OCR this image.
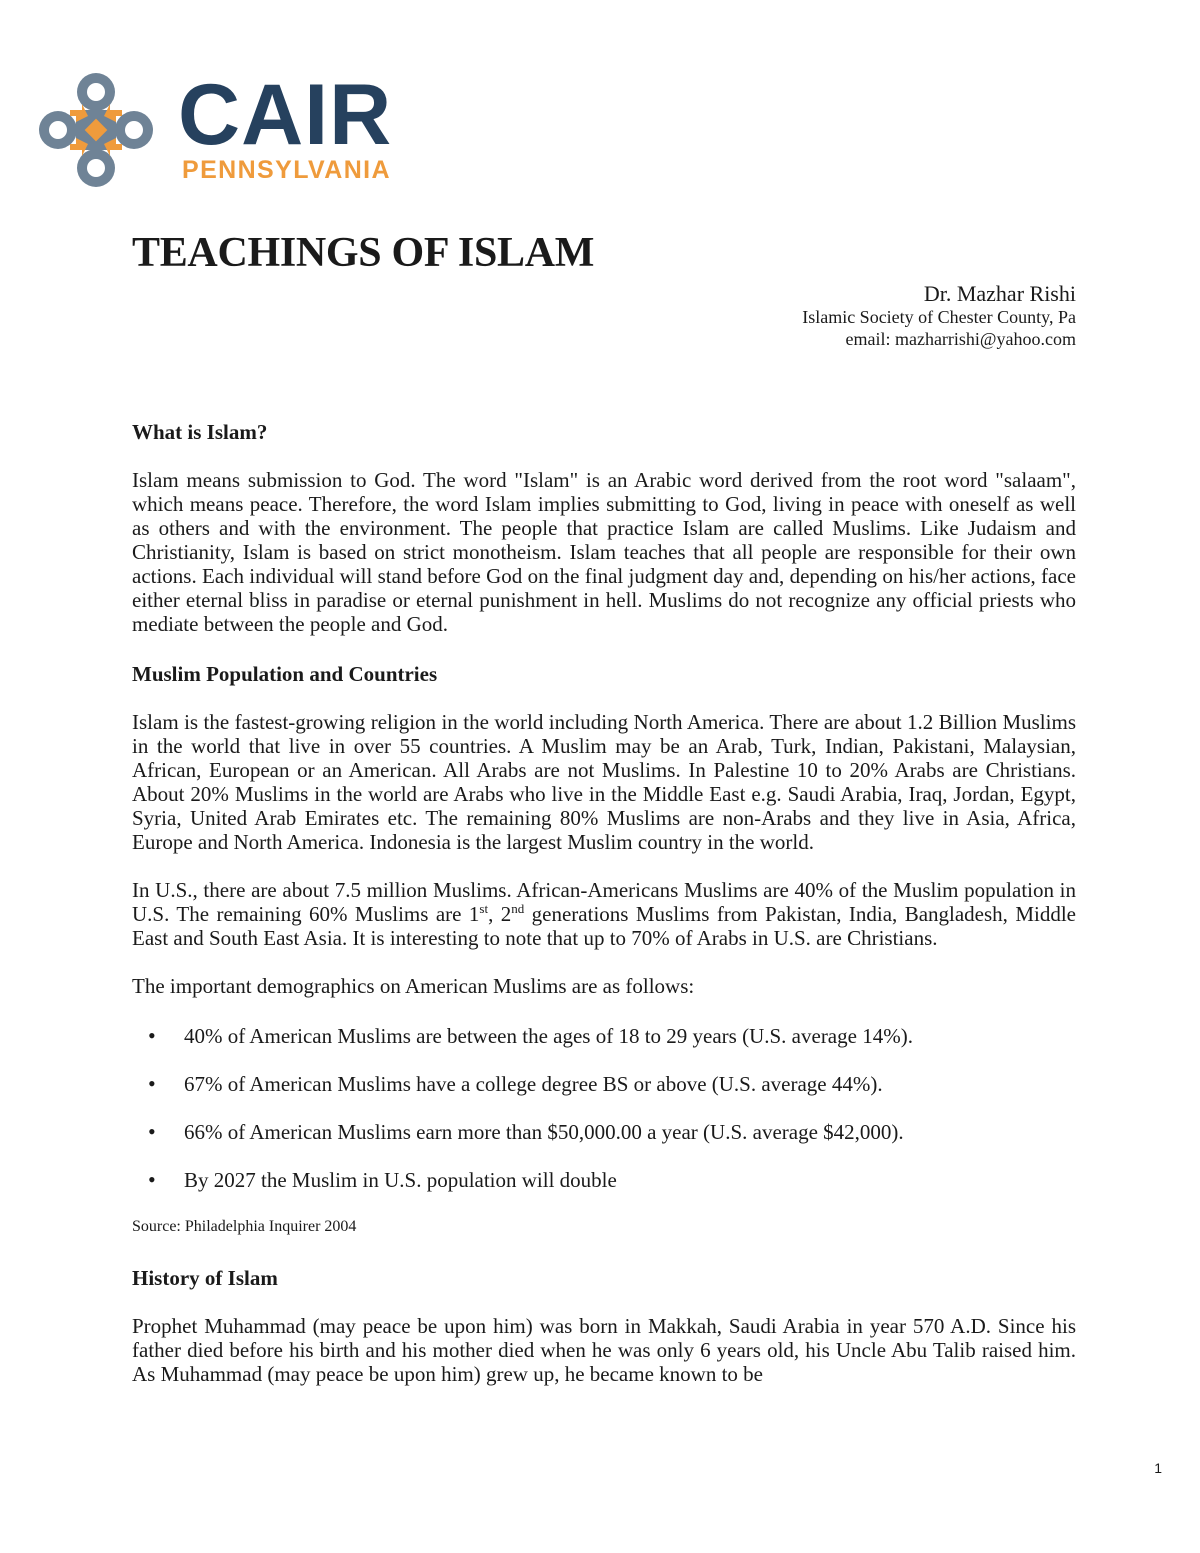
CAIR
PENNSYLVANIA
TEACHINGS OF ISLAM
Dr. Mazhar Rishi
Islamic Society of Chester County, Pa
email: mazharrishi@yahoo.com
What is Islam?

Islam means submission to God. The word "Islam" is an Arabic word derived from the root word "salaam", which means peace. Therefore, the word Islam implies submitting to God, living in peace with oneself as well as others and with the environment. The people that practice Islam are called Muslims. Like Judaism and Christianity, Islam is based on strict monotheism. Islam teaches that all people are responsible for their own actions. Each individual will stand before God on the final judgment day and, depending on his/her actions, face either eternal bliss in paradise or eternal punishment in hell. Muslims do not recognize any official priests who mediate between the people and God.

Muslim Population and Countries

Islam is the fastest-growing religion in the world including North America. There are about 1.2 Billion Muslims in the world that live in over 55 countries. A Muslim may be an Arab, Turk, Indian, Pakistani, Malaysian, African, European or an American. All Arabs are not Muslims. In Palestine 10 to 20% Arabs are Christians. About 20% Muslims in the world are Arabs who live in the Middle East e.g. Saudi Arabia, Iraq, Jordan, Egypt, Syria, United Arab Emirates etc. The remaining 80% Muslims are non-Arabs and they live in Asia, Africa, Europe and North America. Indonesia is the largest Muslim country in the world.

In U.S., there are about 7.5 million Muslims. African-Americans Muslims are 40% of the Muslim population in U.S. The remaining 60% Muslims are 1st, 2nd generations Muslims from Pakistan, India, Bangladesh, Middle East and South East Asia. It is interesting to note that up to 70% of Arabs in U.S. are Christians.

The important demographics on American Muslims are as follows:

• 40% of American Muslims are between the ages of 18 to 29 years (U.S. average 14%).
• 67% of American Muslims have a college degree BS or above (U.S. average 44%).
• 66% of American Muslims earn more than $50,000.00 a year (U.S. average $42,000).
• By 2027 the Muslim in U.S. population will double

Source: Philadelphia Inquirer 2004

History of Islam

Prophet Muhammad (may peace be upon him) was born in Makkah, Saudi Arabia in year 570 A.D. Since his father died before his birth and his mother died when he was only 6 years old, his Uncle Abu Talib raised him. As Muhammad (may peace be upon him) grew up, he became known to be

1
